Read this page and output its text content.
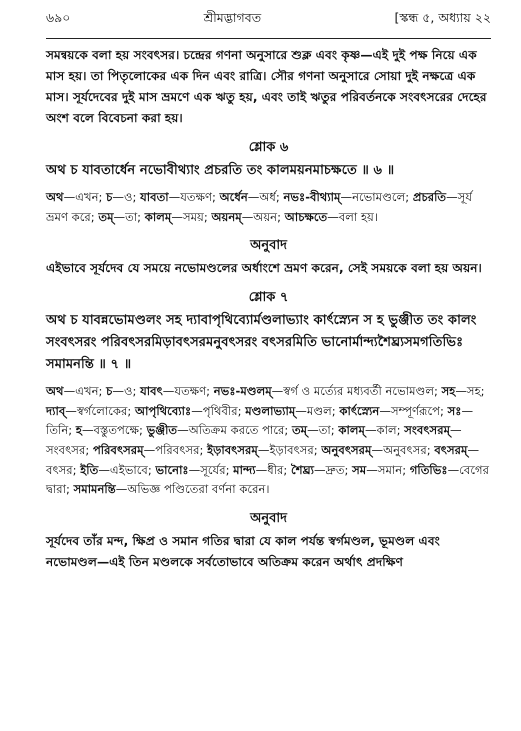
৬৯০	শ্রীমদ্ভাগবত	[স্কন্ধ ৫, অধ্যায় ২২

সমন্বয়কে বলা হয় সংবৎসর। চন্দ্রের গণনা অনুসারে শুক্ল এবং কৃষ্ণ—এই দুই পক্ষ নিয়ে এক মাস হয়। তা পিতৃলোকের এক দিন এবং রাত্রি। সৌর গণনা অনুসারে সোয়া দুই নক্ষত্রে এক মাস। সূর্যদেবের দুই মাস ভ্রমণে এক ঋতু হয়, এবং তাই ঋতুর পরিবর্তনকে সংবৎসরের দেহের অংশ বলে বিবেচনা করা হয়।

শ্লোক ৬

অথ চ যাবতার্ধেন নভোবীথ্যাং প্রচরতি তং কালময়নমাচক্ষতে ॥ ৬ ॥

অথ—এখন; চ—ও; যাবতা—যতক্ষণ; অর্ধেন—অর্ধ; নভঃ-বীথ্যাম্—নভোমণ্ডলে; প্রচরতি—সূর্য ভ্রমণ করে; তম্—তা; কালম্—সময়; অয়নম্—অয়ন; আচক্ষতে—বলা হয়।

অনুবাদ

এইভাবে সূর্যদেব যে সময়ে নভোমণ্ডলের অর্ধাংশে ভ্রমণ করেন, সেই সময়কে বলা হয় অয়ন।

শ্লোক ৭

অথ চ যাবন্নভোমণ্ডলং সহ দ্যাবাপৃথিব্যোর্মণ্ডলাভ্যাং কার্ৎস্ন্যেন স হ ভুঞ্জীত তং কালং সংবৎসরং পরিবৎসরমিড়াবৎসরমনুবৎসরং বৎসরমিতি ভানোর্মান্দ্যশৈঘ্র্যসমগতিভিঃ সমামনন্তি ॥ ৭ ॥

অথ—এখন; চ—ও; যাবৎ—যতক্ষণ; নভঃ-মণ্ডলম্—স্বর্গ ও মর্ত্যের মধ্যবর্তী নভোমণ্ডল; সহ—সহ; দ্যাব্—স্বর্গলোকের; আপৃথিব্যোঃ—পৃথিবীর; মণ্ডলাভ্যাম্—মণ্ডল; কার্ৎস্ন্যেন—সম্পূর্ণরূপে; সঃ—তিনি; হ—বস্তুতপক্ষে; ভুঞ্জীত—অতিক্রম করতে পারে; তম্—তা; কালম্—কাল; সংবৎসরম্—সংবৎসর; পরিবৎসরম্—পরিবৎসর; ইড়াবৎসরম্—ইড়াবৎসর; অনুবৎসরম্—অনুবৎসর; বৎসরম্—বৎসর; ইতি—এইভাবে; ভানোঃ—সূর্যের; মান্দ্য—ধীর; শৈঘ্র্য—দ্রুত; সম—সমান; গতিভিঃ—বেগের দ্বারা; সমামনন্তি—অভিজ্ঞ পণ্ডিতেরা বর্ণনা করেন।

অনুবাদ

সূর্যদেব তাঁর মন্দ, ক্ষিপ্র ও সমান গতির দ্বারা যে কাল পর্যন্ত স্বর্গমণ্ডল, ভূমণ্ডল এবং নভোমণ্ডল—এই তিন মণ্ডলকে সর্বতোভাবে অতিক্রম করেন অর্থাৎ প্রদক্ষিণ
